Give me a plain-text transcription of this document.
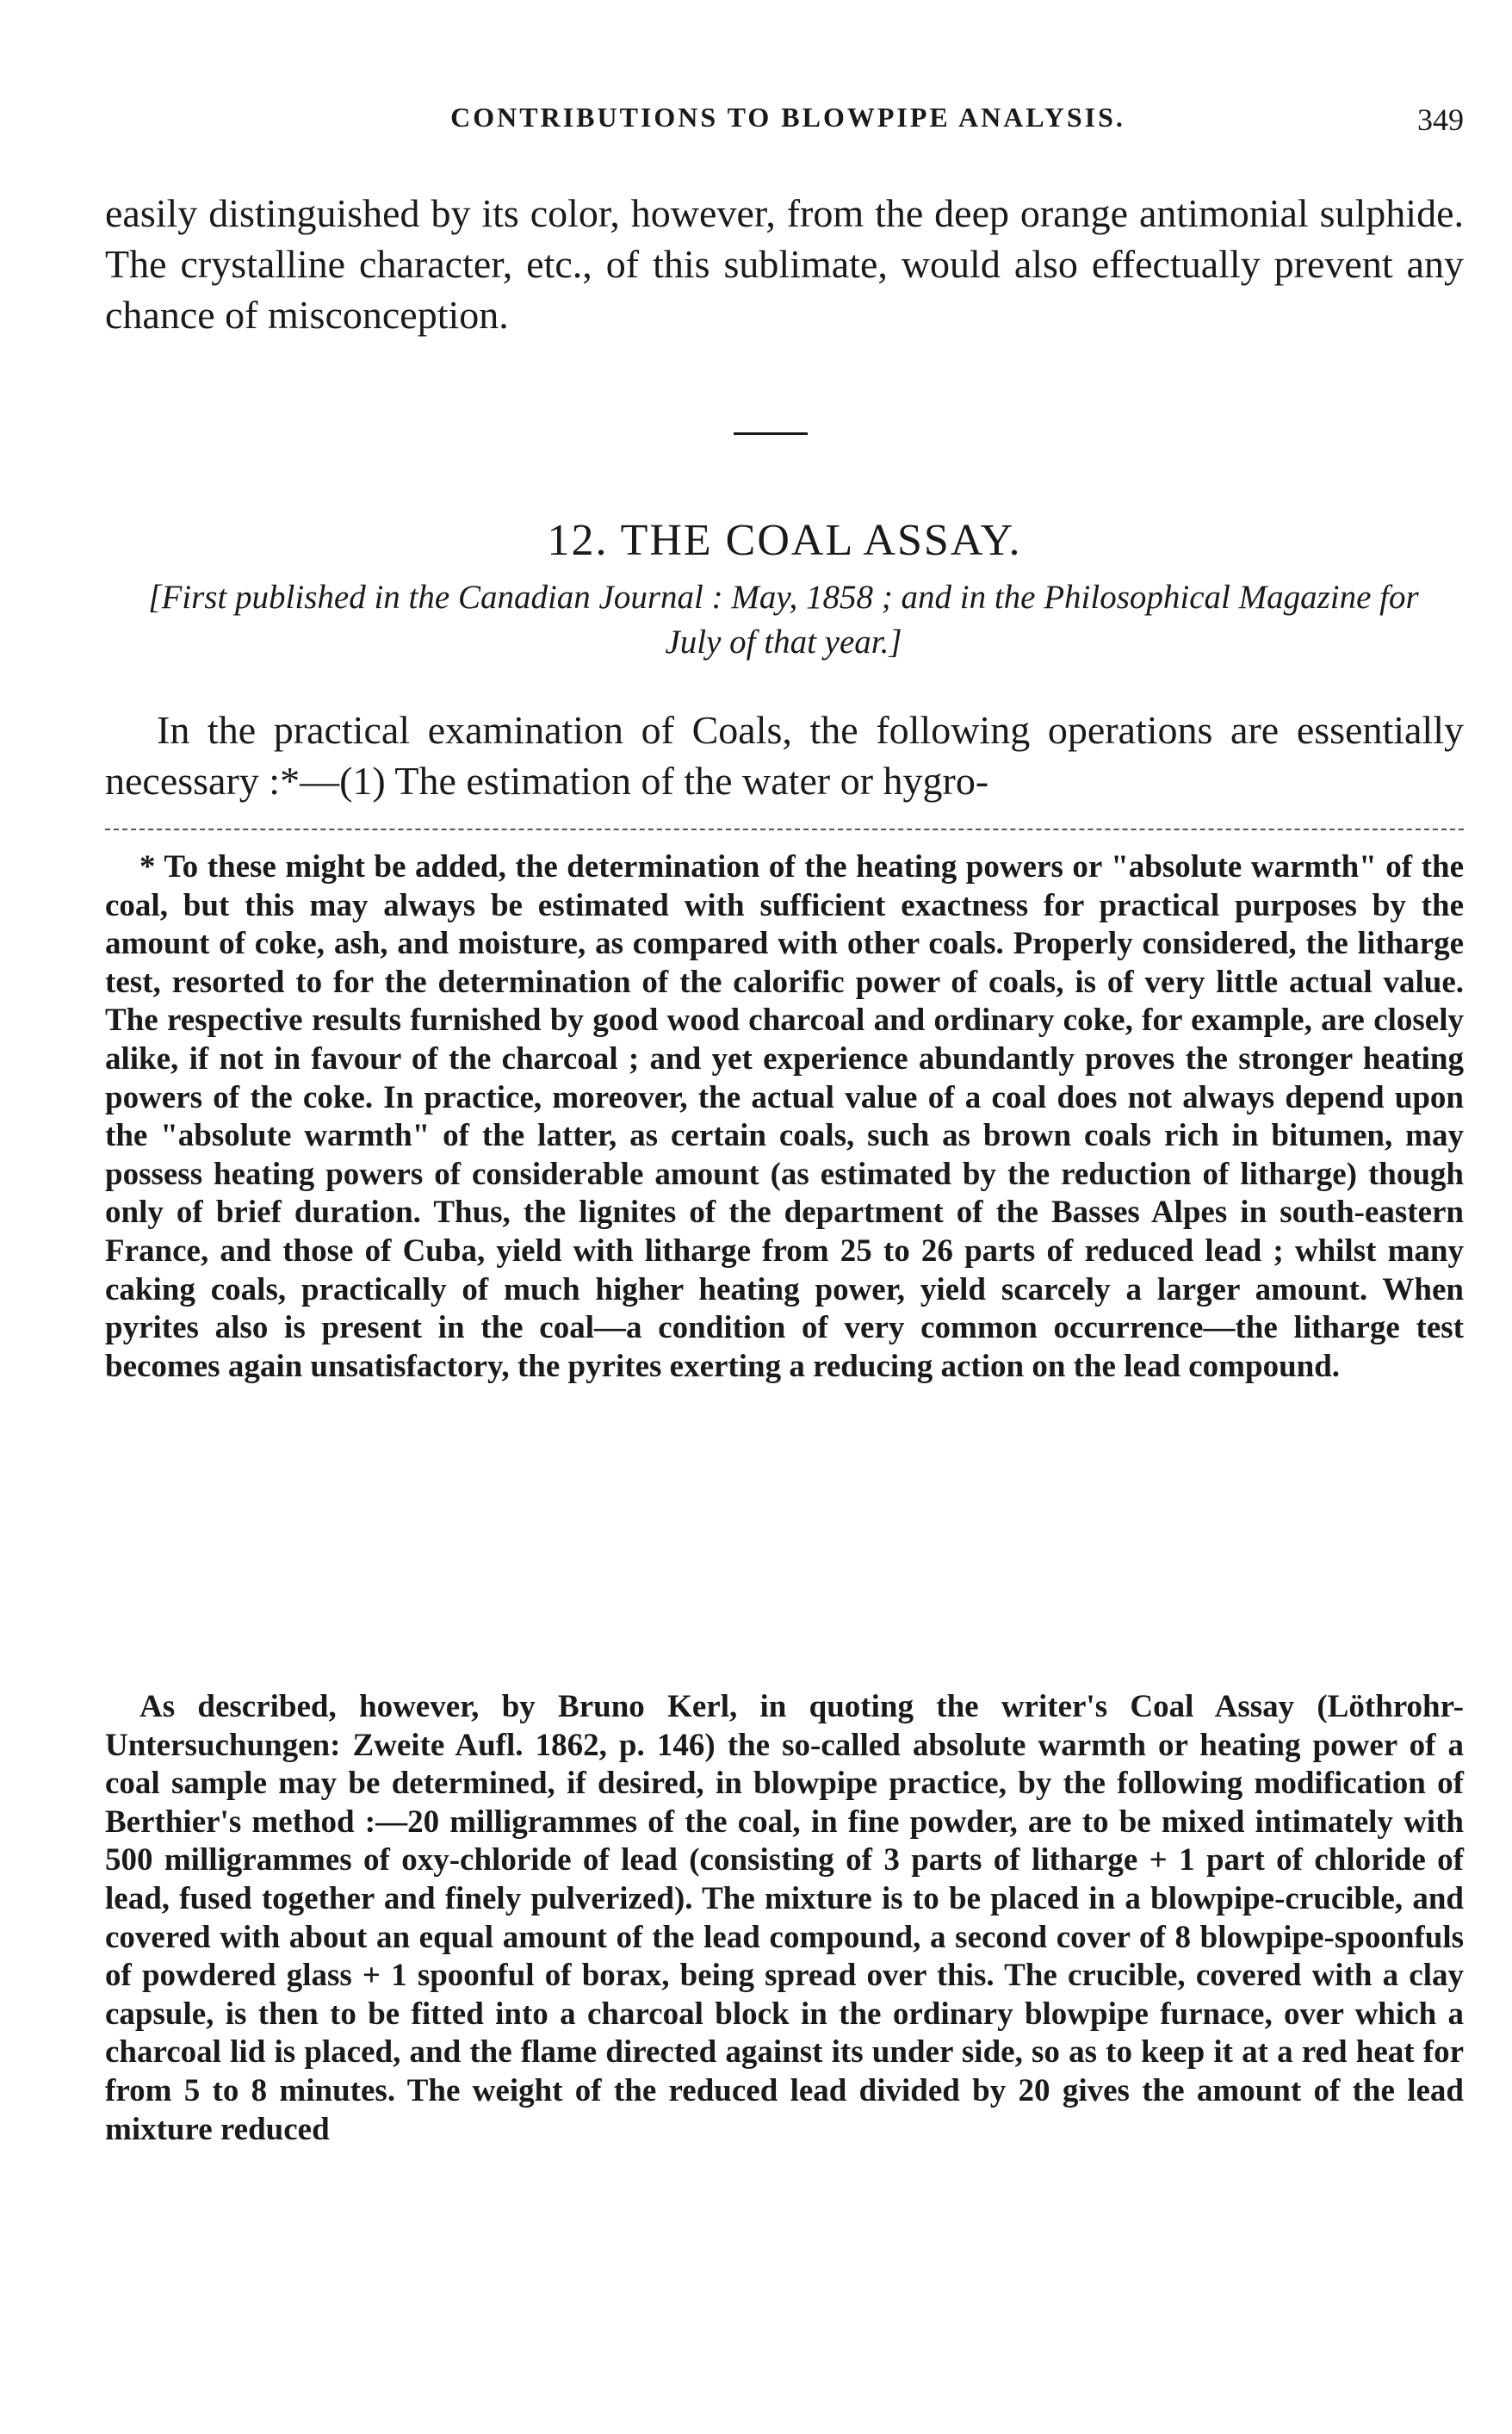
CONTRIBUTIONS TO BLOWPIPE ANALYSIS.	349

easily distinguished by its color, however, from the deep orange antimonial sulphide. The crystalline character, etc., of this sublimate, would also effectually prevent any chance of misconception.

12. THE COAL ASSAY.

[First published in the Canadian Journal : May, 1858 ; and in the Philosophical Magazine for July of that year.]

In the practical examination of Coals, the following operations are essentially necessary :*—(1) The estimation of the water or hygro-

* To these might be added, the determination of the heating powers or "absolute warmth" of the coal, but this may always be estimated with sufficient exactness for practical purposes by the amount of coke, ash, and moisture, as compared with other coals. Properly considered, the litharge test, resorted to for the determination of the calorific power of coals, is of very little actual value. The respective results furnished by good wood charcoal and ordinary coke, for example, are closely alike, if not in favour of the charcoal ; and yet experience abundantly proves the stronger heating powers of the coke. In practice, moreover, the actual value of a coal does not always depend upon the "absolute warmth" of the latter, as certain coals, such as brown coals rich in bitumen, may possess heating powers of considerable amount (as estimated by the reduction of litharge) though only of brief duration. Thus, the lignites of the department of the Basses Alpes in south-eastern France, and those of Cuba, yield with litharge from 25 to 26 parts of reduced lead ; whilst many caking coals, practically of much higher heating power, yield scarcely a larger amount. When pyrites also is present in the coal—a condition of very common occurrence—the litharge test becomes again unsatisfactory, the pyrites exerting a reducing action on the lead compound.

As described, however, by Bruno Kerl, in quoting the writer's Coal Assay (Löthrohr-Untersuchungen: Zweite Aufl. 1862, p. 146) the so-called absolute warmth or heating power of a coal sample may be determined, if desired, in blowpipe practice, by the following modification of Berthier's method :—20 milligrammes of the coal, in fine powder, are to be mixed intimately with 500 milligrammes of oxy-chloride of lead (consisting of 3 parts of litharge + 1 part of chloride of lead, fused together and finely pulverized). The mixture is to be placed in a blowpipe-crucible, and covered with about an equal amount of the lead compound, a second cover of 8 blowpipe-spoonfuls of powdered glass + 1 spoonful of borax, being spread over this. The crucible, covered with a clay capsule, is then to be fitted into a charcoal block in the ordinary blowpipe furnace, over which a charcoal lid is placed, and the flame directed against its under side, so as to keep it at a red heat for from 5 to 8 minutes. The weight of the reduced lead divided by 20 gives the amount of the lead mixture reduced
